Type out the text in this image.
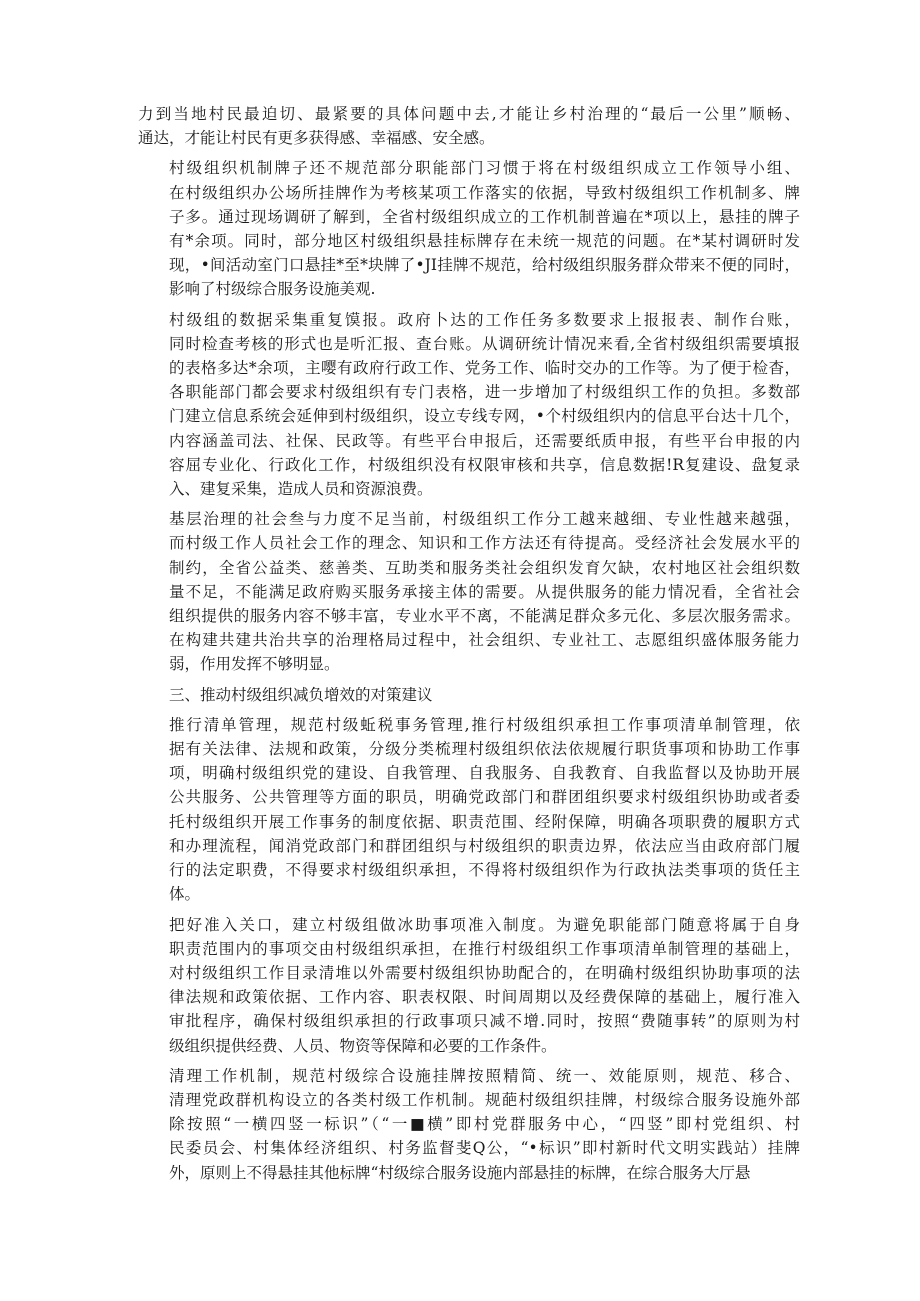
力到当地村民最迫切、最紧要的具体问题中去,才能让乡村治理的“最后一公里”顺畅、
通达，才能让村民有更多获得感、幸福感、安全感。
村级组织机制牌子还不规范部分职能部门习惯于将在村级组织成立工作领导小组、
在村级组织办公场所挂牌作为考核某项工作落实的依据，导致村级组织工作机制多、牌
子多。通过现场调研了解到，全省村级组织成立的工作机制普遍在*项以上，悬挂的牌子
有*余项。同时，部分地区村级组织悬挂标牌存在未统一规范的问题。在*某村调研时发
现，•间活动室门口悬挂*至*块牌了•JI挂牌不规范，给村级组织服务群众带来不便的同时，
影响了村级综合服务设施美观.
村级组的数据采集重复馍报。政府卜达的工作任务多数要求上报报表、制作台账，
同时检查考核的形式也是听汇报、查台账。从调研统计情况来看,全省村级组织需要填报
的表格多达*余项，主嘤有政府行政工作、党务工作、临时交办的工作等。为了便于检杳，
各职能部门都会要求村级组织有专门表格，进一步增加了村级组织工作的负担。多数部
门建立信息系统会延伸到村级组织，设立专线专网，•个村级组织内的信息平台达十几个，
内容涵盖司法、社保、民政等。有些平台申报后，还需要纸质申报，有些平台申报的内
容屈专业化、行政化工作，村级组织没有权限审核和共享，信息数据!R复建设、盘复录
入、建复采集，造成人员和资源浪费。
基层治理的社会叁与力度不足当前，村级组织工作分工越来越细、专业性越来越强，
而村级工作人员社会工作的理念、知识和工作方法还有待提高。受经济社会发展水平的
制约，全省公益类、慈善类、互助类和服务类社会组织发育欠缺，农村地区社会组织数
量不足，不能满足政府购买服务承接主体的需要。从提供服务的能力情况看，全省社会
组织提供的服务内容不够丰富，专业水平不离，不能满足群众多元化、多层次服务需求。
在构建共建共治共享的治理格局过程中，社会组织、专业社工、志愿组织盛体服务能力
弱，作用发挥不够明显。
三、推动村级组织减负增效的对策建议
推行清单管理，规范村级蚯税事务管理,推行村级组织承担工作事项清单制管理，依
据有关法律、法规和政策，分级分类梳理村级组织依法依规履行职货事项和协助工作事
项，明确村级组织党的建设、自我管理、自我服务、自我教育、自我监督以及协助开展
公共服务、公共管理等方面的职员，明确党政部门和群团组织要求村级组织协助或者委
托村级组织开展工作事务的制度依据、职责范围、经附保障，明确各项职费的履职方式
和办理流程，闻消党政部门和群团组织与村级组织的职责边界，依法应当由政府部门履
行的法定职费，不得要求村级组织承担，不得将村级组织作为行政执法类事项的货任主
体。
把好准入关口，建立村级组做冰助事项准入制度。为避免职能部门随意将属于自身
职责范围内的事项交由村级组织承担，在推行村级组织工作事项清单制管理的基础上，
对村级组织工作目录清堆以外需要村级组织协助配合的，在明确村级组织协助事项的法
律法规和政策依据、工作内容、职表权限、时间周期以及经费保障的基础上，履行准入
审批程序，确保村级组织承担的行政事项只减不增.同时，按照“费随事转”的原则为村
级组织提供经费、人员、物资等保障和必要的工作条件。
清理工作机制，规范村级综合设施挂牌按照精简、统一、效能原则，规范、移合、
清理党政群机构设立的各类村级工作机制。规葩村级组织挂牌，村级综合服务设施外部
除按照“一横四竖一标识”（“一■横”即村党群服务中心，“四竖”即村党组织、村
民委员会、村集体经济组织、村务监督斐Q公，“•标识”即村新时代文明实践站）挂牌
外，原则上不得悬挂其他标牌“村级综合服务设施内部悬挂的标牌，在综合服务大厅悬
